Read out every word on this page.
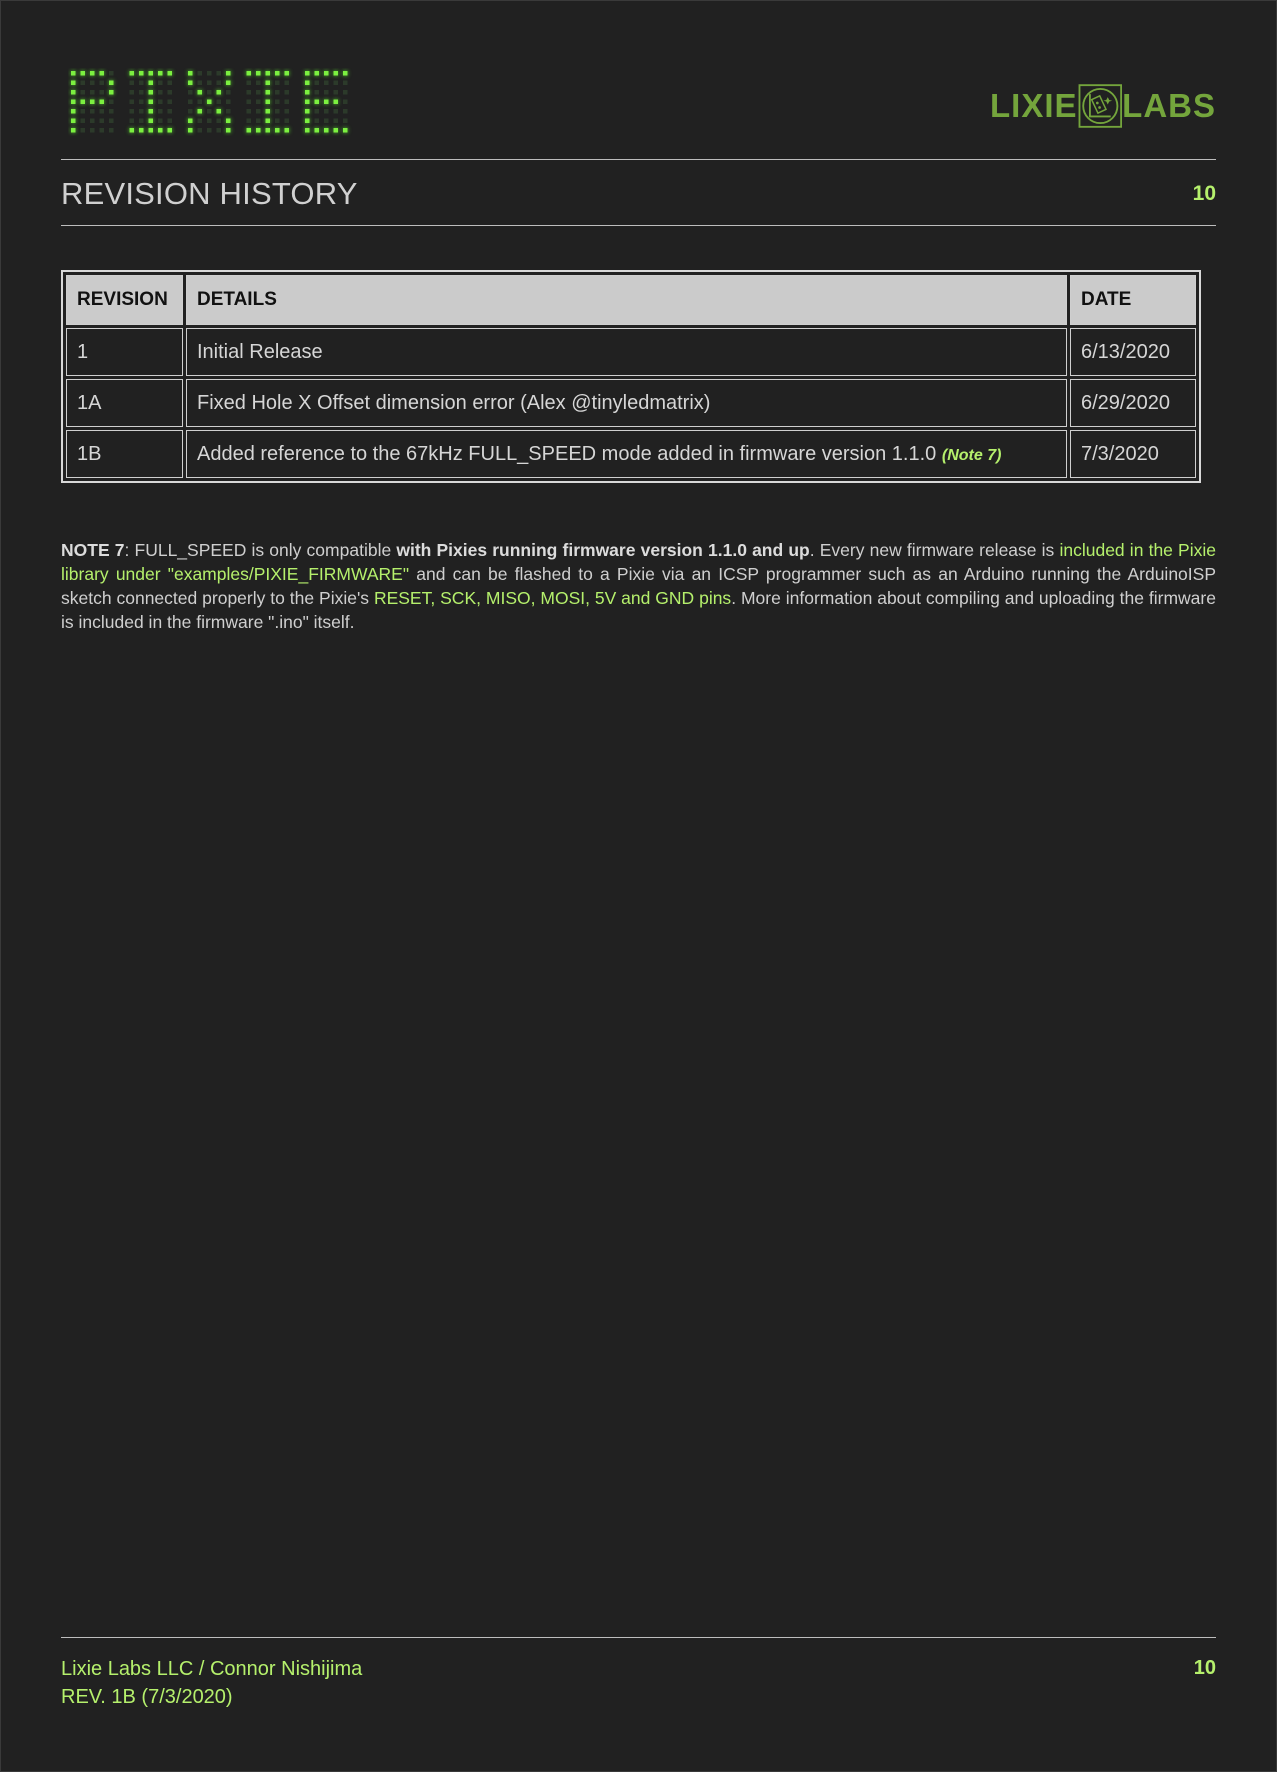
LIXIE LABS
REVISION HISTORY	10
REVISION	DETAILS	DATE
1	Initial Release	6/13/2020
1A	Fixed Hole X Offset dimension error (Alex @tinyledmatrix)	6/29/2020
1B	Added reference to the 67kHz FULL_SPEED mode added in firmware version 1.1.0 (Note 7)	7/3/2020

NOTE 7: FULL_SPEED is only compatible with Pixies running firmware version 1.1.0 and up. Every new firmware release is included in the Pixie library under "examples/PIXIE_FIRMWARE" and can be flashed to a Pixie via an ICSP programmer such as an Arduino running the ArduinoISP sketch connected properly to the Pixie's RESET, SCK, MISO, MOSI, 5V and GND pins. More information about compiling and uploading the firmware is included in the firmware ".ino" itself.

Lixie Labs LLC / Connor Nishijima
REV. 1B (7/3/2020)
10
